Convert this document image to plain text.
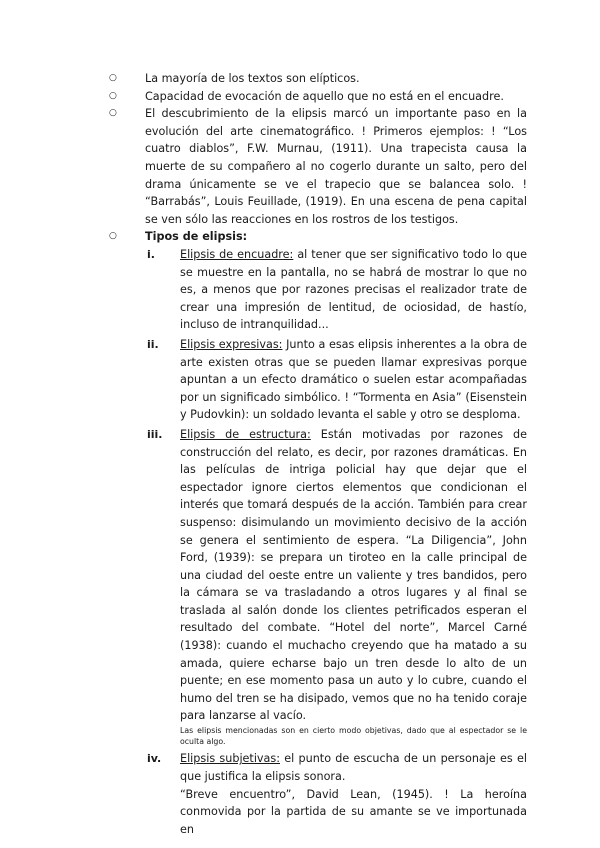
○ La mayoría de los textos son elípticos.

○ Capacidad de evocación de aquello que no está en el encuadre.

○ El descubrimiento de la elipsis marcó un importante paso en la evolución del arte cinematográfico. ! Primeros ejemplos: ! “Los cuatro diablos”, F.W. Murnau, (1911). Una trapecista causa la muerte de su compañero al no cogerlo durante un salto, pero del drama únicamente se ve el trapecio que se balancea solo. ! “Barrabás”, Louis Feuillade, (1919). En una escena de pena capital se ven sólo las reacciones en los rostros de los testigos.

○ Tipos de elipsis:

i. Elipsis de encuadre: al tener que ser significativo todo lo que se muestre en la pantalla, no se habrá de mostrar lo que no es, a menos que por razones precisas el realizador trate de crear una impresión de lentitud, de ociosidad, de hastío, incluso de intranquilidad...
ii. Elipsis expresivas: Junto a esas elipsis inherentes a la obra de arte existen otras que se pueden llamar expresivas porque apuntan a un efecto dramático o suelen estar acompañadas por un significado simbólico. ! “Tormenta en Asia” (Eisenstein y Pudovkin): un soldado levanta el sable y otro se desploma.
iii. Elipsis de estructura: Están motivadas por razones de construcción del relato, es decir, por razones dramáticas. En las películas de intriga policial hay que dejar que el espectador ignore ciertos elementos que condicionan el interés que tomará después de la acción. También para crear suspenso: disimulando un movimiento decisivo de la acción se genera el sentimiento de espera. “La Diligencia”, John Ford, (1939): se prepara un tiroteo en la calle principal de una ciudad del oeste entre un valiente y tres bandidos, pero la cámara se va trasladando a otros lugares y al final se traslada al salón donde los clientes petrificados esperan el resultado del combate. “Hotel del norte”, Marcel Carné (1938): cuando el muchacho creyendo que ha matado a su amada, quiere echarse bajo un tren desde lo alto de un puente; en ese momento pasa un auto y lo cubre, cuando el humo del tren se ha disipado, vemos que no ha tenido coraje para lanzarse al vacío.
Las elipsis mencionadas son en cierto modo objetivas, dado que al espectador se le oculta algo.
iv. Elipsis subjetivas: el punto de escucha de un personaje es el que justifica la elipsis sonora.
“Breve encuentro”, David Lean, (1945). ! La heroína conmovida por la partida de su amante se ve importunada en
